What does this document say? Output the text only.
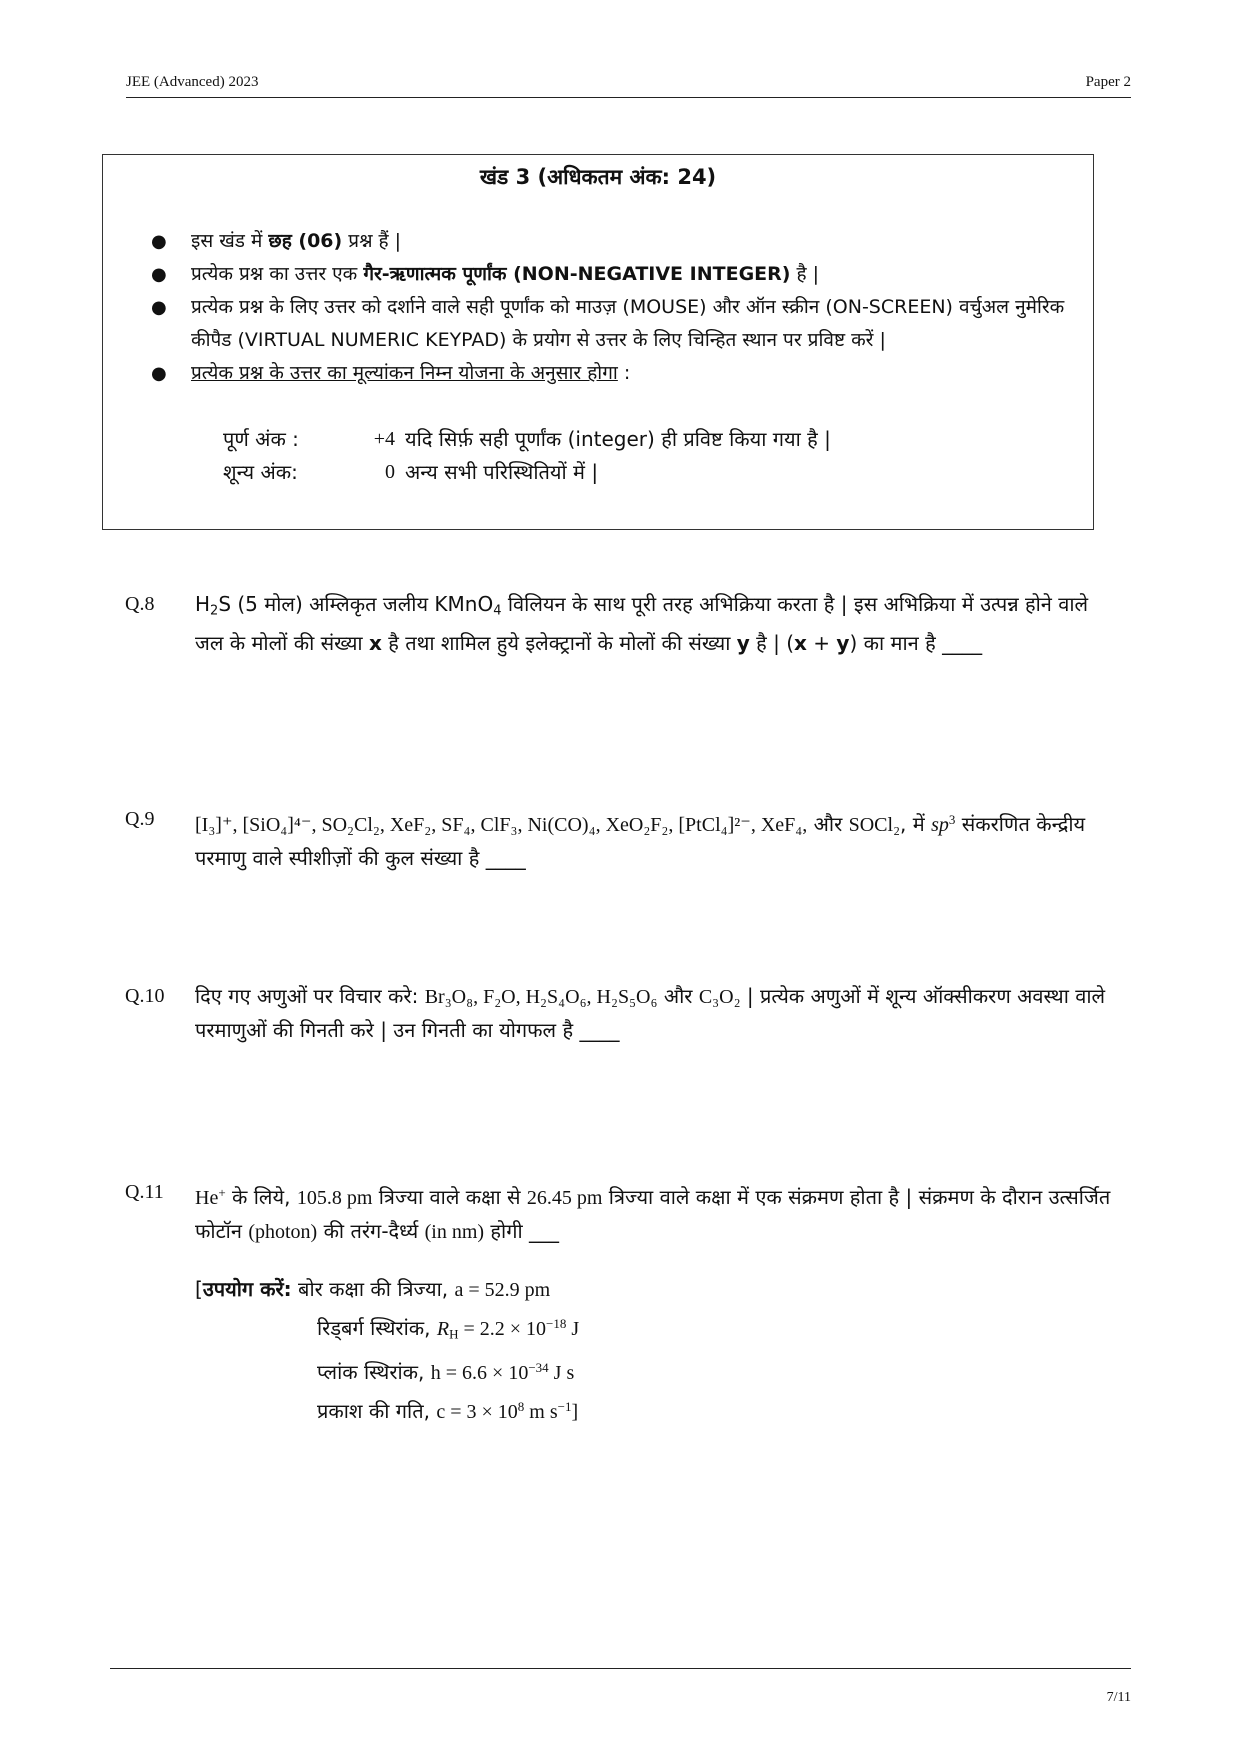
JEE (Advanced) 2023	Paper 2
खंड 3 (अधिकतम अंक: 24)
● इस खंड में छह (06) प्रश्न हैं |
● प्रत्येक प्रश्न का उत्तर एक गैर-ऋणात्मक पूर्णांक (NON-NEGATIVE INTEGER) है |
● प्रत्येक प्रश्न के लिए उत्तर को दर्शाने वाले सही पूर्णांक को माउज़ (MOUSE) और ऑन स्क्रीन (ON-SCREEN) वर्चुअल नुमेरिक कीपैड (VIRTUAL NUMERIC KEYPAD) के प्रयोग से उत्तर के लिए चिन्हित स्थान पर प्रविष्ट करें |
● प्रत्येक प्रश्न के उत्तर का मूल्यांकन निम्न योजना के अनुसार होगा :
पूर्ण अंक :	+4 यदि सिर्फ़ सही पूर्णांक (integer) ही प्रविष्ट किया गया है |
शून्य अंक:	0 अन्य सभी परिस्थितियों में |
Q.8	$H_2S$ (5 मोल) अम्लिकृत जलीय KMnO$_4$ विलियन के साथ पूरी तरह अभिक्रिया करता है | इस अभिक्रिया में उत्पन्न होने वाले जल के मोलों की संख्या x है तथा शामिल हुये इलेक्ट्रानों के मोलों की संख्या y है | (x + y) का मान है ____
Q.9	[I₃]⁺, [SiO₄]⁴⁻, SO₂Cl₂, XeF₂, SF₄, ClF₃, Ni(CO)₄, XeO₂F₂, [PtCl₄]²⁻, XeF₄, और SOCl₂, में $sp^3$ संकरणित केन्द्रीय परमाणु वाले स्पीशीज़ों की कुल संख्या है ____
Q.10	दिए गए अणुओं पर विचार करे: Br₃O₈, F₂O, H₂S₄O₆, H₂S₅O₆ और C₃O₂ | प्रत्येक अणुओं में शून्य ऑक्सीकरण अवस्था वाले परमाणुओं की गिनती करे | उन गिनती का योगफल है ____
Q.11	He+ के लिये, 105.8 pm त्रिज्या वाले कक्षा से 26.45 pm त्रिज्या वाले कक्षा में एक संक्रमण होता है | संक्रमण के दौरान उत्सर्जित फोटॉन (photon) की तरंग-दैर्ध्य (in nm) होगी ___
[उपयोग करें: बोर कक्षा की त्रिज्या, a = 52.9 pm
रिड्बर्ग स्थिरांक, $R_H = 2.2 \times 10^{-18}$ J
प्लांक स्थिरांक, $h = 6.6 \times 10^{-34}$ J s
प्रकाश की गति, $c = 3 \times 10^8$ m $s^{-1}$]
7/11
